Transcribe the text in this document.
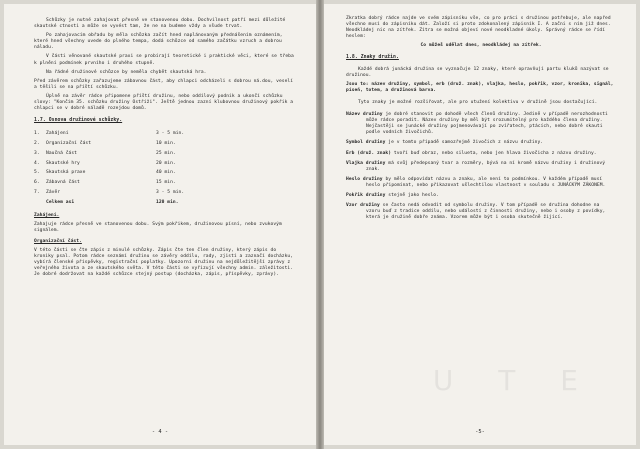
Schůzky je nutné zahajovat přesně ve stanovenou dobu. Dochvilnost patří mezi důležité skautské ctnosti a může se vyvést tam, že ne na budeme vždy a všude trvat.

Po zahajovacím obřadu by měla schůzka začít hned naplánovaným přednášením oznámením, které hned všechny uvede do plného tempa, dodá schůzce od samého začátku vzruch a dobrou náladu.

V části věnované skautské praxi se probírají teoretické i praktické věci, které se třeba k plnění podmínek prvního i druhého stupně.

Na řádné družinové schůzce by neměla chybět skautská hra.

Před závěrem schůzky zařazujeme zábavnou část, aby chlapci odcházeli s dobrou ná.dou, veselí a těšili se na příští schůzku.

Úplně na závěr rádce připomene příští družinu, nebo oddílový podnik a ukončí schůzku slovy: "Končím 35. schůzku družiny Ostříži". Ještě jednou zazní klubovnou družinový pokřik a chlapci se v dobré náladě rozejdou domů.

1.7. Osnova družinové schůzky.
1.	Zahájení	3 - 5 min.
2.	Organizační část	10 min.
3.	Naučná část	25 min.
4.	Skautské hry	20 min.
5.	Skautská praxe	40 min.
6.	Zábavná část	15 min.
7.	Závěr	3 - 5 min.
Celkem asi	120 min.

Zahájení.

Zahajuje rádce přesně ve stanovenou dobu. Svým pokřikem, družinovou písní, nebo zvukovým signálem.

Organizační část.

V této části se čte zápis z minulé schůzky. Zápis čte ten člen družiny, který zápis do kroniky psal. Potom rádce seznámí družinu se závěry oddílu, rady, zjistí a zaznačí docházku, vybírá členské příspěvky, registrační poplatky. Upozorní družinu na nejdůležitější zprávy z veřejného života a ze skautského světa. V této části se vyřizují všechny admin. záležitosti. Je dobré dodržovat na každé schůzce stejný postup (docházka, zápis, příspěvky, zprávy).

- 4 -
U T E

Zkratka dobrý rádce najde ve svém zápisníku vše, co pro práci s družinou potřebuje, ale napřed všechno musí do zápisníku dát. Založí si proto zdokonalený zápisník I. A začni s ním již dnes. Neodkládej nic na zítřek. Zítra se možná objeví nové neodkladné úkoly. Správný rádce se řídí heslem:

Co můžeš udělat dnes, neodkládej na zítřek.

1.8. Znaky družin.

Každé dobrá junácká družina se vyznačuje 12 znaky, které opravňují partu kluků nazývat se družinou.

Jsou to: název družiny, symbol, erb (druž. znak), vlajka, heslo, pokřik, vzor, kronika, signál, píseň, totem, a družinová barva.

Tyto znaky je možné rozšiřovat, ale pro utužení kolektivu v družině jsou dostačující.

Název družiny je dobré stanovit po dohodě všech členů družiny. Jedině v případě nerozhodnosti může rádce poradit. Název družiny by měl být srozumitelný pro každého člena družiny. Nejčastěji se junácké družiny pojmenovávají po zvířatech, ptácích, nebo dobré skauti podle vodních živočichů.

Symbol družiny je v tomto případě samozřejmě živočich z názvu družiny.

Erb (druž. znak) tvoří buď obraz, nebo silueta, nebo jen hlava živočicha z názvu družiny.

Vlajka družiny má svůj předepsaný tvar a rozměry, bývá na ní kromě názvu družiny i družinový znak.

Heslo družiny by mělo odpovídat názvu a znaku, ale není to podmínkou. V každém případě musí heslo připomínat, nebo přikazovat ušlechtilou vlastnost v souladu s JUNÁCKÝM ZÁKONEM.

Pokřik družiny stejně jako heslo.

Vzor družiny se často nedá odvodit od symbolu družiny. V tom případě se družina dohodne na vzoru buď z tradice oddílu, nebo událostí z činnosti družiny, nebo i osoby z povídky, která je družině dobře známa. Vzorem může být i osoba skutečně žijící.

-5-
